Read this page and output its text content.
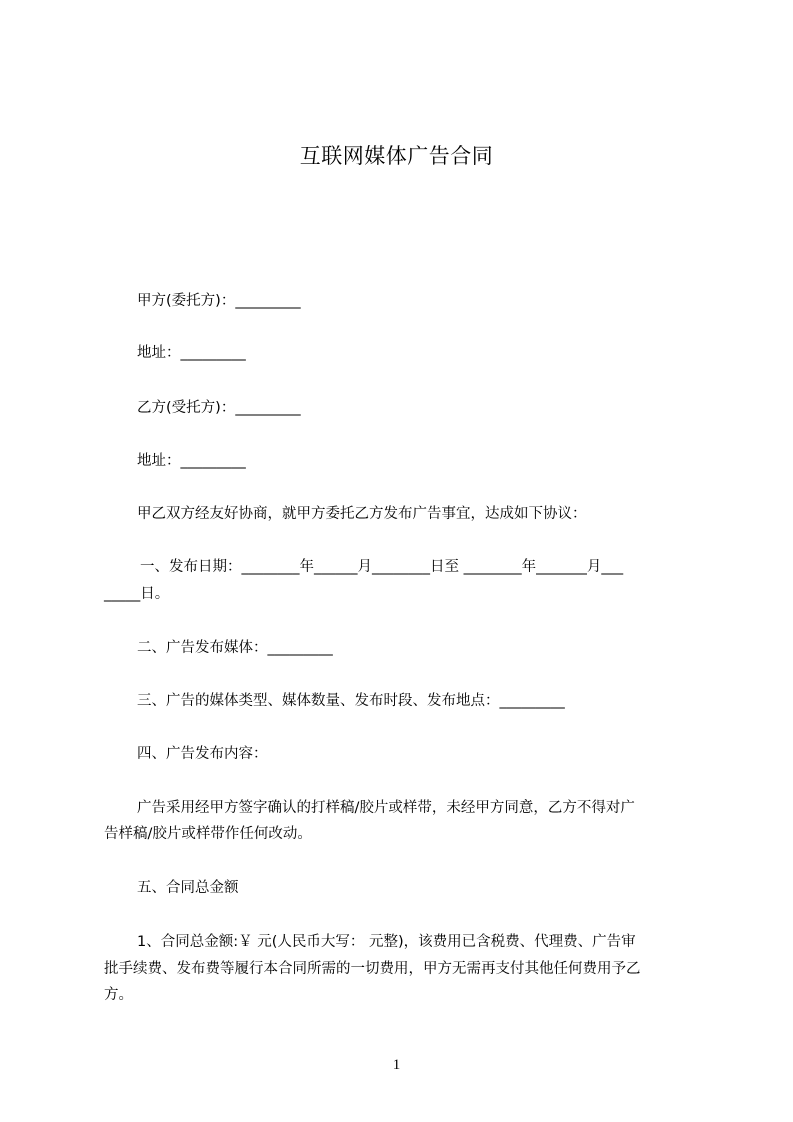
互联网媒体广告合同
甲方(委托方)：_________
地址：_________
乙方(受托方)：_________
地址：_________
甲乙双方经友好协商，就甲方委托乙方发布广告事宜，达成如下协议：
一、发布日期：________年______月________日至 ________年_______月___
_____日。
二、广告发布媒体：_________
三、广告的媒体类型、媒体数量、发布时段、发布地点：_________
四、广告发布内容：
广告采用经甲方签字确认的打样稿/胶片或样带，未经甲方同意，乙方不得对广
告样稿/胶片或样带作任何改动。
五、合同总金额
1、合同总金额:￥ 元(人民币大写： 元整)，该费用已含税费、代理费、广告审
批手续费、发布费等履行本合同所需的一切费用，甲方无需再支付其他任何费用予乙
方。
1
